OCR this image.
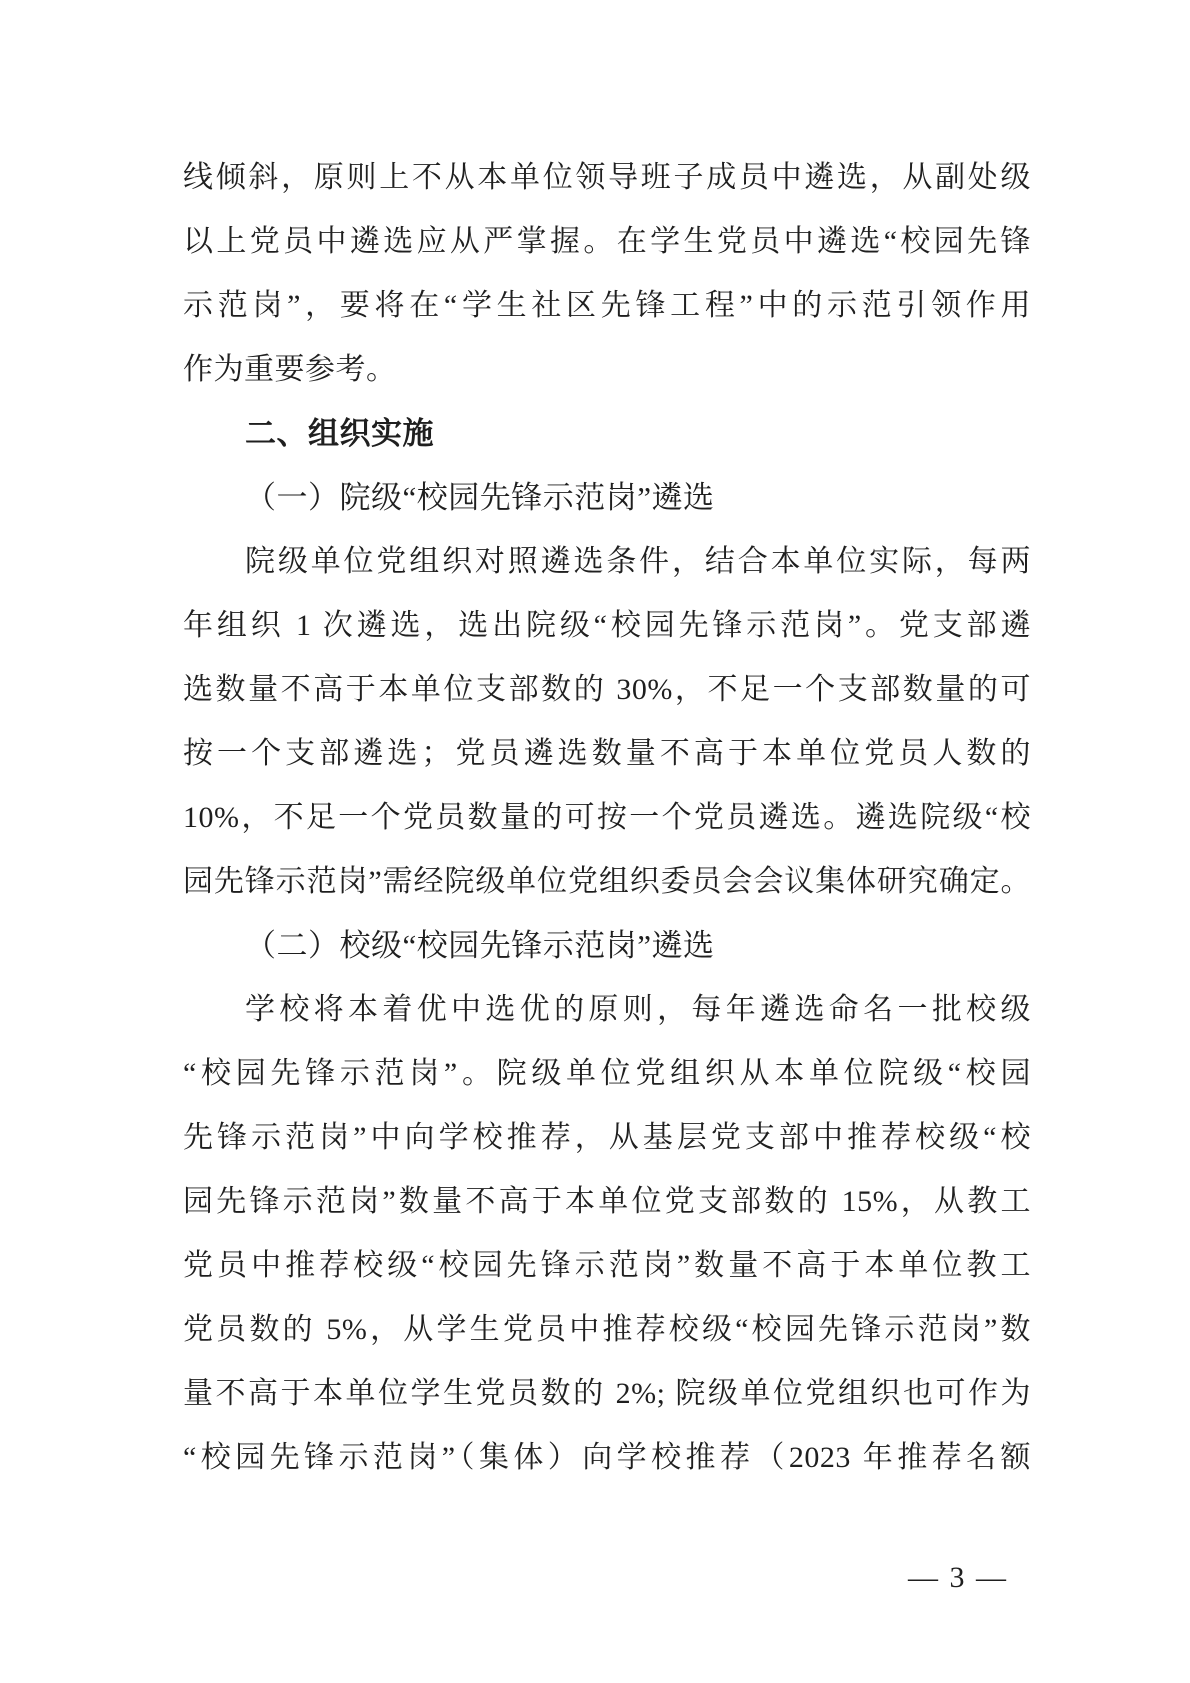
线倾斜，原则上不从本单位领导班子成员中遴选，从副处级
以上党员中遴选应从严掌握。在学生党员中遴选“校园先锋
示范岗”，要将在“学生社区先锋工程”中的示范引领作用
作为重要参考。
二、组织实施
（一）院级“校园先锋示范岗”遴选
院级单位党组织对照遴选条件，结合本单位实际，每两
年组织 1 次遴选，选出院级“校园先锋示范岗”。党支部遴
选数量不高于本单位支部数的 30%，不足一个支部数量的可
按一个支部遴选；党员遴选数量不高于本单位党员人数的
10%，不足一个党员数量的可按一个党员遴选。遴选院级“校
园先锋示范岗”需经院级单位党组织委员会会议集体研究确定。
（二）校级“校园先锋示范岗”遴选
学校将本着优中选优的原则，每年遴选命名一批校级
“校园先锋示范岗”。院级单位党组织从本单位院级“校园
先锋示范岗”中向学校推荐，从基层党支部中推荐校级“校
园先锋示范岗”数量不高于本单位党支部数的 15%，从教工
党员中推荐校级“校园先锋示范岗”数量不高于本单位教工
党员数的 5%，从学生党员中推荐校级“校园先锋示范岗”数
量不高于本单位学生党员数的 2%; 院级单位党组织也可作为
“校园先锋示范岗”（集体）向学校推荐（2023 年推荐名额
— 3 —
